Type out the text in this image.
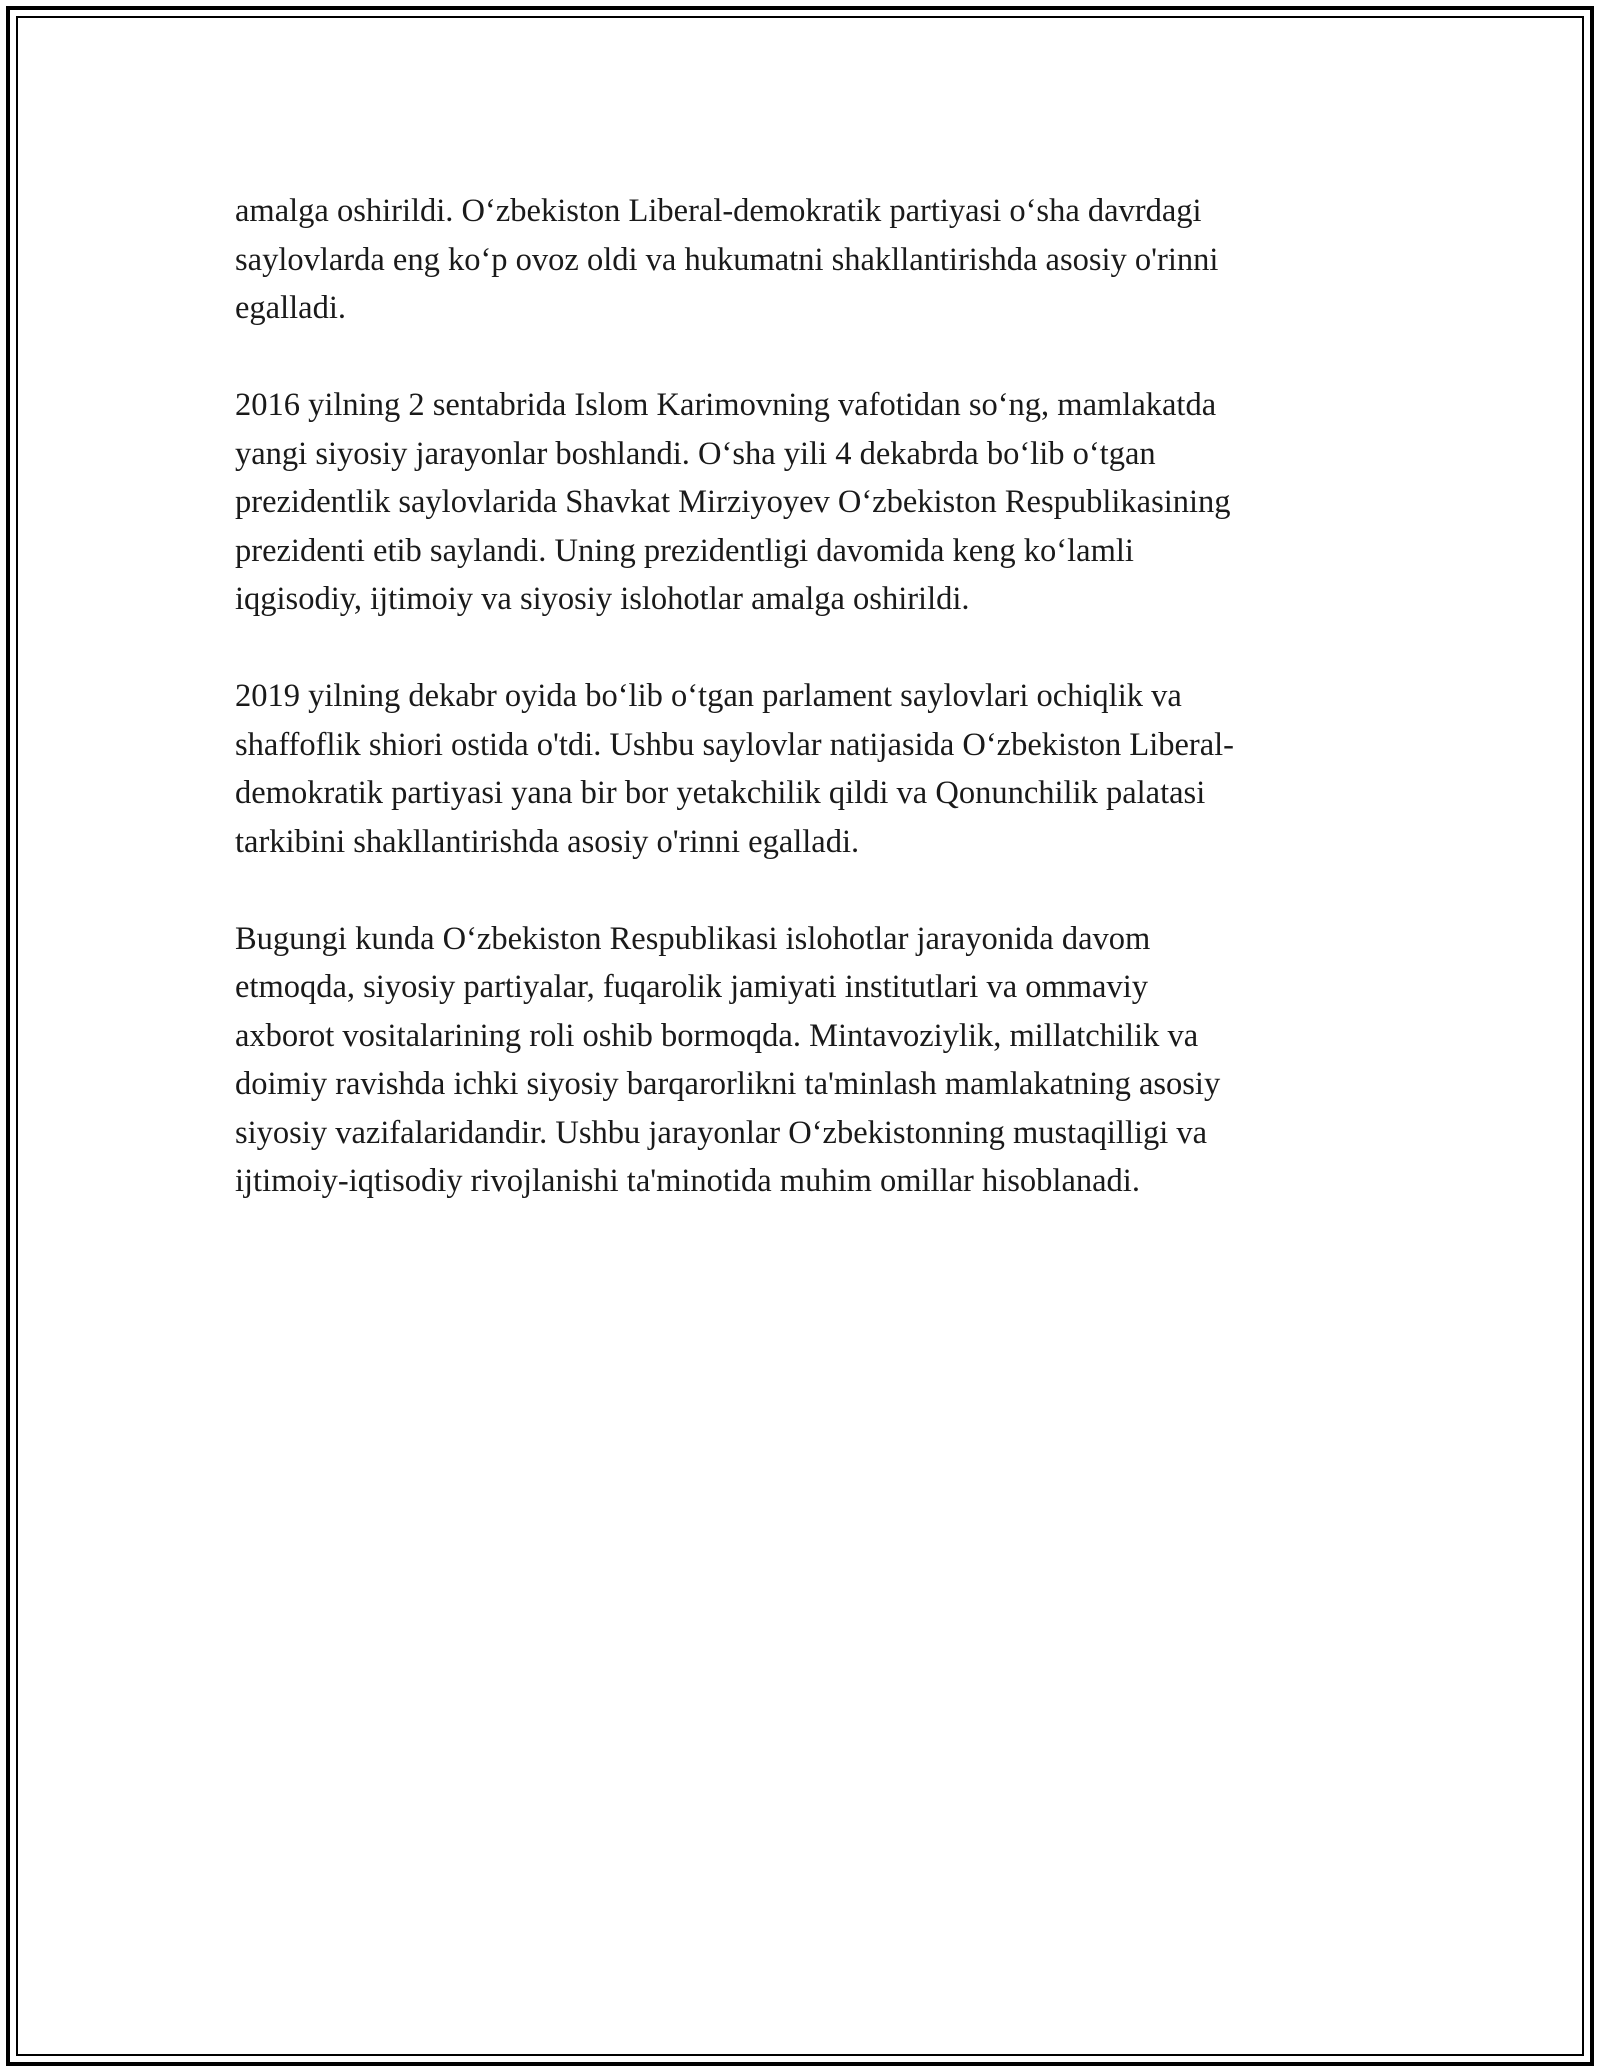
amalga oshirildi. O‘zbekiston Liberal-demokratik partiyasi o‘sha davrdagi
saylovlarda eng ko‘p ovoz oldi va hukumatni shakllantirishda asosiy o'rinni
egalladi.

2016 yilning 2 sentabrida Islom Karimovning vafotidan so‘ng, mamlakatda
yangi siyosiy jarayonlar boshlandi. O‘sha yili 4 dekabrda bo‘lib o‘tgan
prezidentlik saylovlarida Shavkat Mirziyoyev O‘zbekiston Respublikasining
prezidenti etib saylandi. Uning prezidentligi davomida keng ko‘lamli
iqgisodiy, ijtimoiy va siyosiy islohotlar amalga oshirildi.

2019 yilning dekabr oyida bo‘lib o‘tgan parlament saylovlari ochiqlik va
shaffoflik shiori ostida o'tdi. Ushbu saylovlar natijasida O‘zbekiston Liberal-
demokratik partiyasi yana bir bor yetakchilik qildi va Qonunchilik palatasi
tarkibini shakllantirishda asosiy o'rinni egalladi.

Bugungi kunda O‘zbekiston Respublikasi islohotlar jarayonida davom
etmoqda, siyosiy partiyalar, fuqarolik jamiyati institutlari va ommaviy
axborot vositalarining roli oshib bormoqda. Mintavoziylik, millatchilik va
doimiy ravishda ichki siyosiy barqarorlikni ta'minlash mamlakatning asosiy
siyosiy vazifalaridandir. Ushbu jarayonlar O‘zbekistonning mustaqilligi va
ijtimoiy-iqtisodiy rivojlanishi ta'minotida muhim omillar hisoblanadi.
